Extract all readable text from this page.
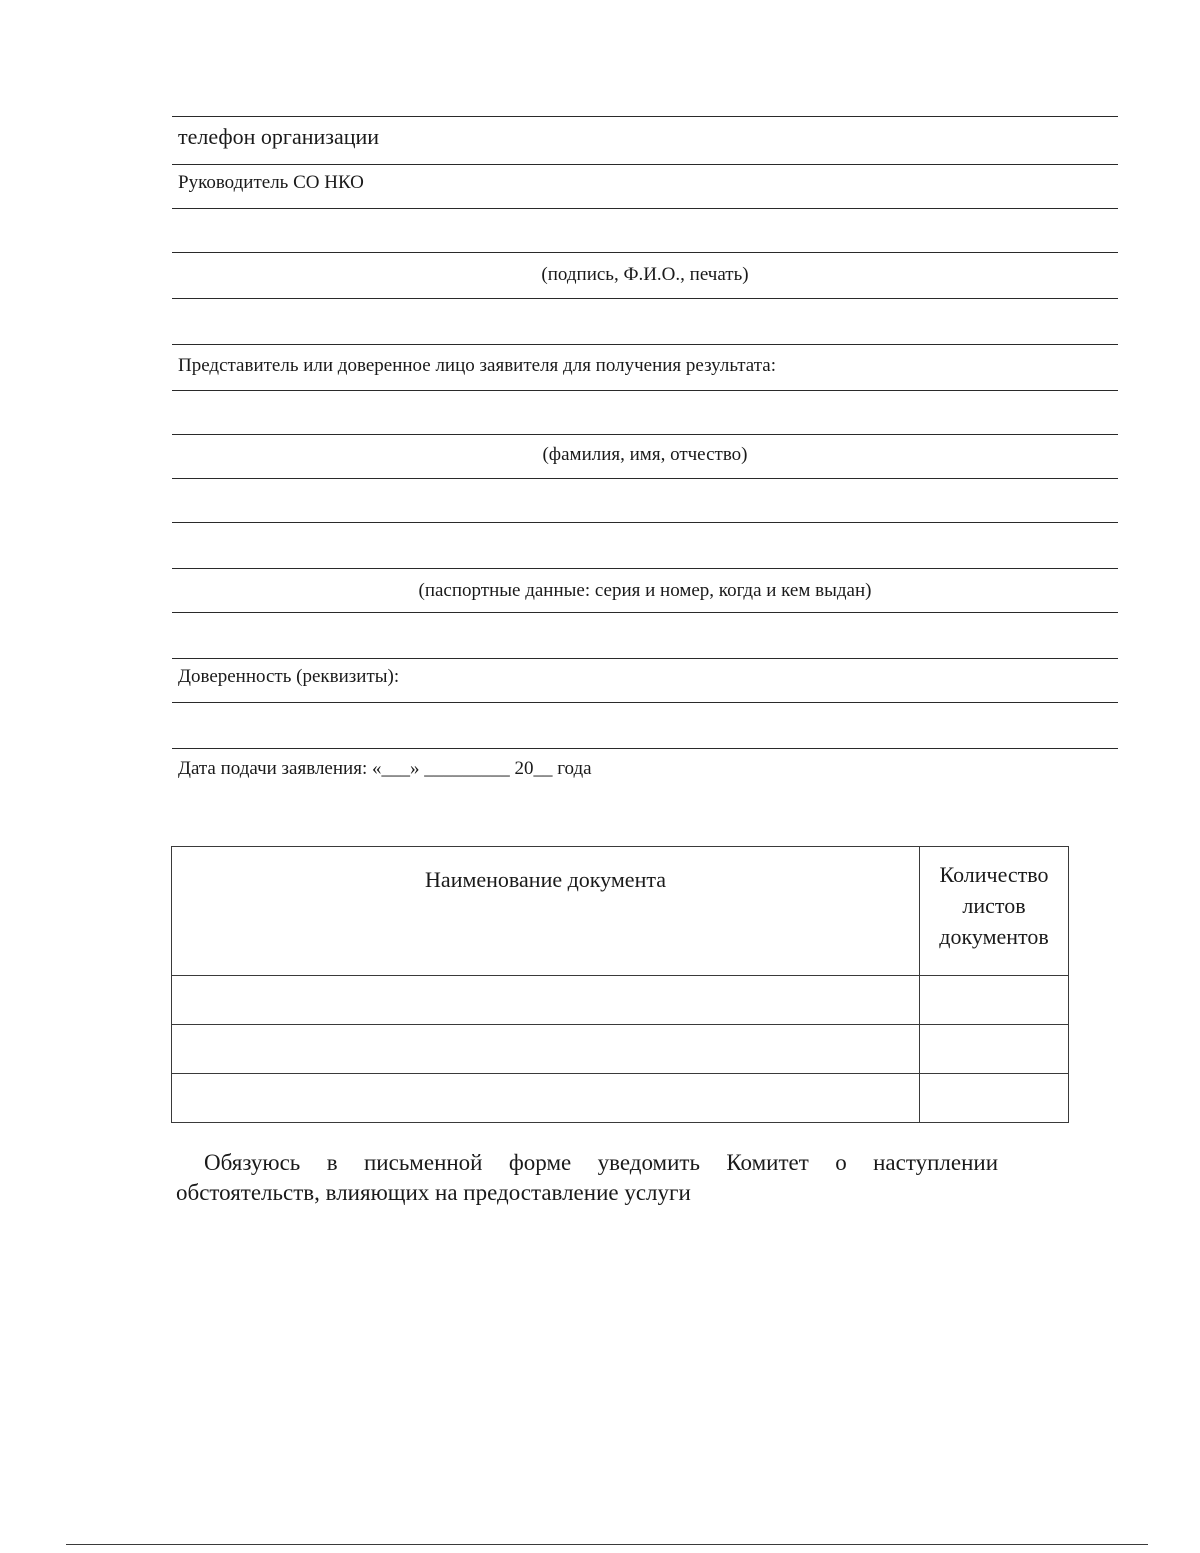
телефон организации
Руководитель СО НКО
(подпись, Ф.И.О., печать)
Представитель или доверенное лицо заявителя для получения результата:
(фамилия, имя, отчество)
(паспортные данные: серия и номер, когда и кем выдан)
Доверенность (реквизиты):
Дата подачи заявления: «___» _________ 20__ года
Наименование документа	Количество
листов
документов

Обязуюсь в письменной форме уведомить Комитет о наступлении
обстоятельств, влияющих на предоставление услуги
